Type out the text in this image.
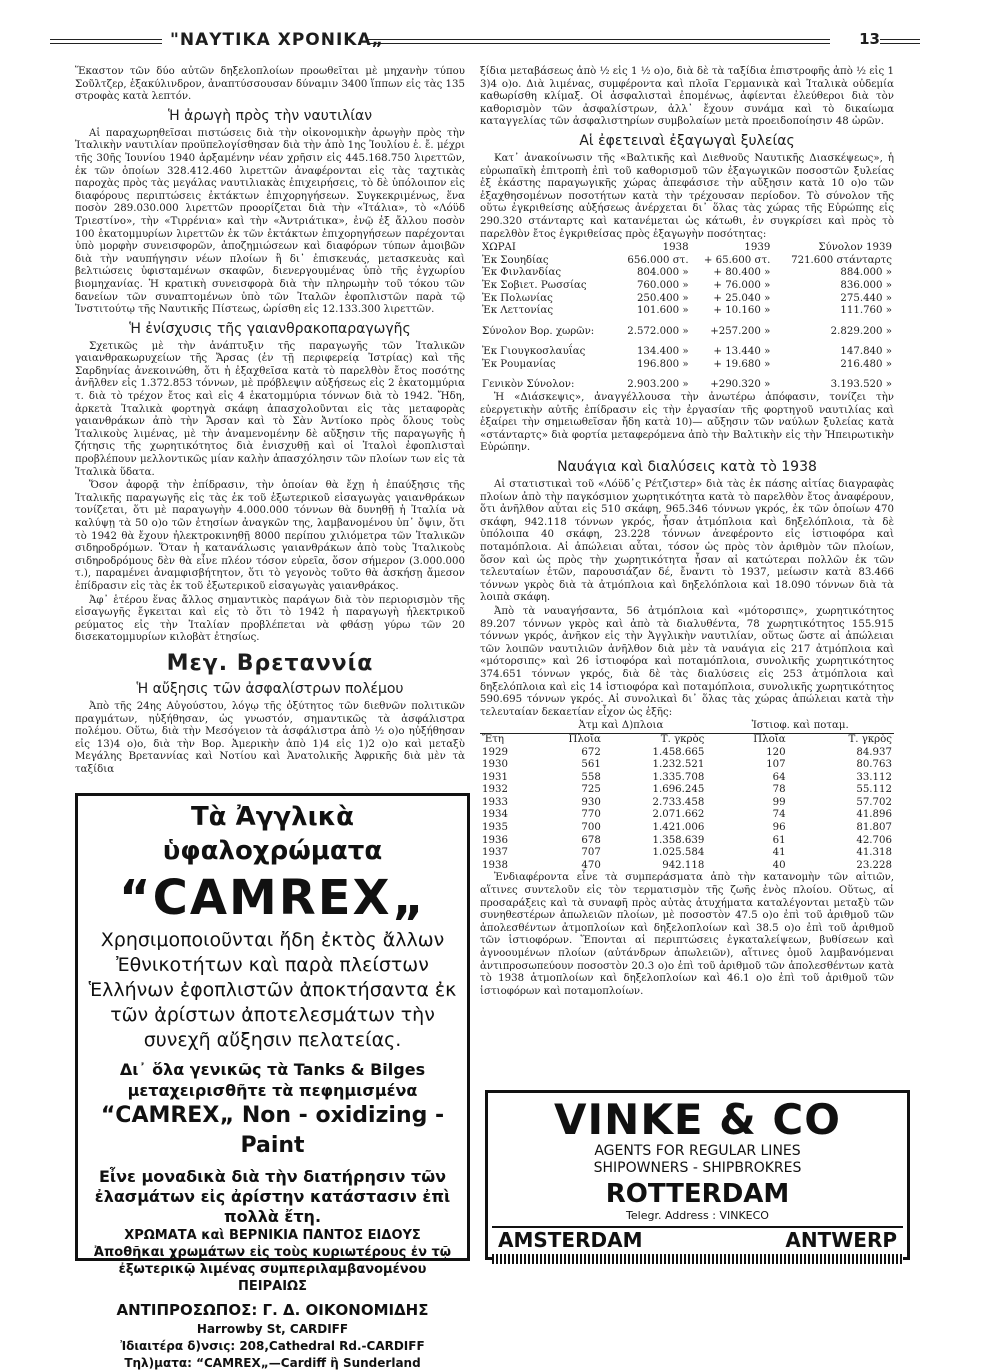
"ΝΑΥΤΙΚΑ ΧΡΟΝΙΚΑ„	13

Ἕκαστον τῶν δύο αὐτῶν δηξελοπλοίων προωθεῖται μὲ μηχανὴν τύπου Σοῦλτζερ, ἑξακύλινδρον, ἀναπτύσσουσαν δύναμιν 3400 ἵππων εἰς τὰς 135 στροφὰς κατὰ λεπτόν.

Ἡ ἀρωγὴ πρὸς τὴν ναυτιλίαν

Αἱ παραχωρηθεῖσαι πιστώσεις διὰ τὴν οἰκονομικὴν ἀρωγὴν πρὸς τὴν Ἰταλικὴν ναυτιλίαν προϋπελογίσθησαν διὰ τὴν ἀπὸ 1ης Ἰουλίου ἑ. ἔ. μέχρι τῆς 30ῆς Ἰουνίου 1940 ἀρξαμένην νέαν χρῆσιν εἰς 445.168.750 λιρεττῶν, ἐκ τῶν ὁποίων 328.412.460 λιρεττῶν ἀναφέρονται εἰς τὰς ταχτικὰς παροχὰς πρὸς τὰς μεγάλας ναυτιλιακὰς ἐπιχειρήσεις, τὸ δὲ ὑπόλοιπον εἰς διαφόρους περιπτώσεις ἐκτάκτων ἐπιχορηγήσεων. Συγκεκριμένως, ἕνα ποσὸν 289.030.000 λιρεττῶν προορίζεται διὰ τὴν «Ἰτάλια», τὸ «Λόϋδ Τριεστίνο», τὴν «Τιρρένια» καὶ τὴν «Ἀντριάτικα», ἐνῷ ἐξ ἄλλου ποσὸν 100 ἑκατομμυρίων λιρεττῶν ἐκ τῶν ἐκτάκτων ἐπιχορηγήσεων παρέχονται ὑπὸ μορφὴν συνεισφορῶν, ἀποζημιώσεων καὶ διαφόρων τύπων ἀμοιβῶν διὰ τὴν ναυπήγησιν νέων πλοίων ἢ δι᾽ ἐπισκευάς, μετασκευὰς καὶ βελτιώσεις ὑφισταμένων σκαφῶν, διενεργουμένας ὑπὸ τῆς ἐγχωρίου βιομηχανίας. Ἡ κρατικὴ συνεισφορὰ διὰ τὴν πληρωμὴν τοῦ τόκου τῶν δανείων τῶν συναπτομένων ὑπὸ τῶν Ἰταλῶν ἐφοπλιστῶν παρὰ τῷ Ἰνστιτούτῳ τῆς Ναυτικῆς Πίστεως, ὡρίσθη εἰς 12.133.300 λιρεττῶν.

Ἡ ἐνίσχυσις τῆς γαιανθρακοπαραγωγῆς

Σχετικῶς μὲ τὴν ἀνάπτυξιν τῆς παραγωγῆς τῶν Ἰταλικῶν γαιανθρακωρυχείων τῆς Ἄρσας (ἐν τῇ περιφερείᾳ Ἰστρίας) καὶ τῆς Σαρδηνίας ἀνεκοινώθη, ὅτι ἡ ἐξαχθεῖσα κατὰ τὸ παρελθὸν ἔτος ποσότης ἀνῆλθεν εἰς 1.372.853 τόννων, μὲ πρόβλεψιν αὐξήσεως εἰς 2 ἑκατομμύρια τ. διὰ τὸ τρέχον ἔτος καὶ εἰς 4 ἑκατομμύρια τόννων διὰ τὸ 1942. Ἤδη, ἀρκετὰ Ἰταλικὰ φορτηγὰ σκάφη ἀπασχολοῦνται εἰς τὰς μεταφορὰς γαιανθράκων ἀπὸ τὴν Ἄρσαν καὶ τὸ Σὰν Ἀντίοκο πρὸς ὅλους τοὺς Ἰταλικοὺς λιμένας, μὲ τὴν ἀναμενομένην δὲ αὔξησιν τῆς παραγωγῆς ἡ ζήτησις τῆς χωρητικότητος διὰ ἐνισχυθῇ καὶ οἱ Ἰταλοὶ ἐφοπλισταὶ προβλέπουν μελλοντικῶς μίαν καλὴν ἀπασχόλησιν τῶν πλοίων των εἰς τὰ Ἰταλικὰ ὕδατα.

Ὅσον ἀφορᾷ τὴν ἐπίδρασιν, τὴν ὁποίαν θὰ ἔχῃ ἡ ἐπαύξησις τῆς Ἰταλικῆς παραγωγῆς εἰς τὰς ἐκ τοῦ ἐξωτερικοῦ εἰσαγωγὰς γαιανθράκων τονίζεται, ὅτι μὲ παραγωγὴν 4.000.000 τόννων θὰ δυνηθῇ ἡ Ἰταλία νὰ καλύψῃ τὰ 50 ο)ο τῶν ἐτησίων ἀναγκῶν της, λαμβανομένου ὑπ᾽ ὄψιν, ὅτι τὸ 1942 θὰ ἔχουν ἠλεκτροκινηθῇ 8000 περίπου χιλιόμετρα τῶν Ἰταλικῶν σιδηροδρόμων. Ὅταν ἡ κατανάλωσις γαιανθράκων ἀπὸ τοὺς Ἰταλικοὺς σιδηροδρόμους δὲν θὰ εἶνε πλέον τόσον εὐρεῖα, ὅσον σήμερον (3.000.000 τ.), παραμένει ἀναμφισβήτητον, ὅτι τὸ γεγονὸς τοῦτο θὰ ἀσκήσῃ ἄμεσον ἐπίδρασιν εἰς τὰς ἐκ τοῦ ἐξωτερικοῦ εἰσαγωγὰς γαιανθράκος.

Ἀφ᾽ ἑτέρου ἕνας ἄλλος σημαντικὸς παράγων διὰ τὸν περιορισμὸν τῆς εἰσαγωγῆς ἔγκειται καὶ εἰς τὸ ὅτι τὸ 1942 ἡ παραγωγὴ ἠλεκτρικοῦ ρεύματος εἰς τὴν Ἰταλίαν προβλέπεται νὰ φθάσῃ γύρω τῶν 20 δισεκατομμυρίων κιλοβὰτ ἐτησίως.

Μεγ. Βρεταννία
Ἡ αὔξησις τῶν ἀσφαλίστρων πολέμου

Ἀπὸ τῆς 24ης Αὐγούστου, λόγῳ τῆς ὀξύτητος τῶν διεθνῶν πολιτικῶν πραγμάτων, ηὐξήθησαν, ὡς γνωστόν, σημαντικῶς τὰ ἀσφάλιστρα πολέμου. Οὕτω, διὰ τὴν Μεσόγειον τὰ ἀσφάλιστρα ἀπὸ ½ ο)ο ηὐξήθησαν εἰς 13)4 ο)ο, διὰ τὴν Βορ. Ἀμερικὴν ἀπὸ 1)4 εἰς 1)2 ο)ο καὶ μεταξὺ Μεγάλης Βρεταννίας καὶ Νοτίου καὶ Ἀνατολικῆς Ἀφρικῆς διὰ μὲν τὰ ταξίδια

Τὰ Ἀγγλικὰ ὑφαλοχρώματα
“CAMREX„
Χρησιμοποιοῦνται ἤδη ἐκτὸς ἄλλων Ἐθνικοτήτων καὶ παρὰ πλείστων Ἑλλήνων ἐφοπλιστῶν ἀποκτήσαντα ἐκ τῶν ἀρίστων ἀποτελεσμάτων τὴν συνεχῆ αὔξησιν πελατείας.
Δι᾽ ὅλα γενικῶς τὰ Tanks & Bilges μεταχειρισθῆτε τὰ πεφημισμένα
“CAMREX„ Non - oxidizing - Paint
Εἶνε μοναδικὰ διὰ τὴν διατήρησιν τῶν ἐλασμάτων εἰς ἀρίστην κατάστασιν ἐπὶ πολλὰ ἔτη.
ΧΡΩΜΑΤΑ καὶ ΒΕΡΝΙΚΙΑ ΠΑΝΤΟΣ ΕΙΔΟΥΣ
Ἀποθῆκαι χρωμάτων εἰς τοὺς κυριωτέρους ἐν τῷ ἐξωτερικῷ λιμένας συμπεριλαμβανομένου ΠΕΙΡΑΙΩΣ
ΑΝΤΙΠΡΟΣΩΠΟΣ: Γ. Δ. ΟΙΚΟΝΟΜΙΔΗΣ
Harrowby St, CARDIFF
Ἰδιαιτέρα δ)νσις: 208,Cathedral Rd.-CARDIFF
Τηλ)ματα: “CAMREX„—Cardiff ἢ Sunderland

ξίδια μεταβάσεως ἀπὸ ½ εἰς 1 ½ ο)ο, διὰ δὲ τὰ ταξίδια ἐπιστροφῆς ἀπὸ ½ εἰς 1 3)4 ο)ο. Διὰ λιμένας, συμφέροντα καὶ πλοῖα Γερμανικὰ καὶ Ἰταλικὰ οὐδεμία καθωρίσθη κλίμαξ. Οἱ ἀσφαλισταὶ ἐπομένως, ἀφίενται ἐλεύθεροι διὰ τὸν καθορισμὸν τῶν ἀσφαλίστρων, ἀλλ᾽ ἔχουν συνάμα καὶ τὸ δικαίωμα καταγγελίας τῶν ἀσφαλιστηρίων συμβολαίων μετὰ προειδοποίησιν 48 ὡρῶν.

Αἱ ἐφετειναὶ ἐξαγωγαὶ ξυλείας

Κατ᾽ ἀνακοίνωσιν τῆς «Βαλτικῆς καὶ Διεθνοῦς Ναυτικῆς Διασκέψεως», ἡ εὐρωπαϊκὴ ἐπιτροπὴ ἐπὶ τοῦ καθορισμοῦ τῶν ἐξαγωγικῶν ποσοστῶν ξυλείας ἐξ ἑκάστης παραγωγικῆς χώρας ἀπεφάσισε τὴν αὔξησιν κατὰ 10 ο)ο τῶν ἐξαχθησομένων ποσοτήτων κατὰ τὴν τρέχουσαν περίοδον. Τὸ σύνολον τῆς οὕτω ἐγκριθείσης αὐξήσεως ἀνέρχεται δι᾽ ὅλας τὰς χώρας τῆς Εὐρώπης εἰς 290.320 στάνταρτς καὶ κατανέμεται ὡς κάτωθι, ἐν συγκρίσει καὶ πρὸς τὸ παρελθὸν ἔτος ἐγκριθείσας πρὸς ἐξαγωγὴν ποσότητας:

ΧΩΡΑΙ	1938	1939	Σύνολον 1939
Ἐκ Σουηδίας	656.000 στ.	+ 65.600 στ.	721.600 στάνταρτς
Ἐκ Φινλανδίας	804.000 »	+ 80.400 »	884.000 »
Ἐκ Σοβιετ. Ρωσσίας	760.000 »	+ 76.000 »	836.000 »
Ἐκ Πολωνίας	250.400 »	+ 25.040 »	275.440 »
Ἐκ Λεττονίας	101.600 »	+ 10.160 »	111.760 »

Σύνολον Βορ. χωρῶν:	2.572.000 »	+257.200 »	2.829.200 »

Ἐκ Γιουγκοσλαυΐας	134.400 »	+ 13.440 »	147.840 »
Ἐκ Ρουμανίας	196.800 »	+ 19.680 »	216.480 »

Γενικὸν Σύνολον:	2.903.200 »	+290.320 »	3.193.520 »

Ἡ «Διάσκεψις», ἀναγγέλλουσα τὴν ἀνωτέρω ἀπόφασιν, τονίζει τὴν εὐεργετικὴν αὐτῆς ἐπίδρασιν εἰς τὴν ἐργασίαν τῆς φορτηγοῦ ναυτιλίας καὶ ἐξαίρει τὴν σημειωθεῖσαν ἤδη κατὰ 10)— αὔξησιν τῶν ναύλων ξυλείας κατὰ «στάνταρτς» διὰ φορτία μεταφερόμενα ἀπὸ τὴν Βαλτικὴν εἰς τὴν Ἠπειρωτικὴν Εὐρώπην.

Ναυάγια καὶ διαλύσεις κατὰ τὸ 1938

Αἱ στατιστικαὶ τοῦ «Λόϋδ᾽ς Ρέτζιστερ» διὰ τὰς ἐκ πάσης αἰτίας διαγραφὰς πλοίων ἀπὸ τὴν παγκόσμιον χωρητικότητα κατὰ τὸ παρελθὸν ἔτος ἀναφέρουν, ὅτι ἀνῆλθον αὗται εἰς 510 σκάφη, 965.346 τόννων γκρός, ἐκ τῶν ὁποίων 470 σκάφη, 942.118 τόννων γκρός, ἦσαν ἀτμόπλοια καὶ δηξελόπλοια, τὰ δὲ ὑπόλοιπα 40 σκάφη, 23.228 τόννων ἀνεφέροντο εἰς ἱστιοφόρα καὶ ποταμόπλοια. Αἱ ἀπώλειαι αὗται, τόσον ὡς πρὸς τὸν ἀριθμὸν τῶν πλοίων, ὅσον καὶ ὡς πρὸς τὴν χωρητικότητα ἦσαν αἱ κατώτεραι πολλῶν ἐκ τῶν τελευταίων ἐτῶν, παρουσιάζαν δέ, ἔναντι τὸ 1937, μείωσιν κατὰ 83.466 τόννων γκρὸς διὰ τὰ ἀτμόπλοια καὶ δηξελόπλοια καὶ 18.090 τόννων διὰ τὰ λοιπὰ σκάφη.

Ἀπὸ τὰ ναυαγήσαντα, 56 ἀτμόπλοια καὶ «μότορσιπς», χωρητικότητος 89.207 τόννων γκρὸς καὶ ἀπὸ τὰ διαλυθέντα, 78 χωρητικότητος 155.915 τόννων γκρός, ἀνῆκον εἰς τὴν Ἀγγλικὴν ναυτιλίαν, οὕτως ὥστε αἱ ἀπώλειαι τῶν λοιπῶν ναυτιλιῶν ἀνῆλθον διὰ μὲν τὰ ναυάγια εἰς 217 ἀτμόπλοια καὶ «μότορσιπς» καὶ 26 ἱστιοφόρα καὶ ποταμόπλοια, συνολικῆς χωρητικότητος 374.651 τόννων γκρός, διὰ δὲ τὰς διαλύσεις εἰς 253 ἀτμόπλοια καὶ δηξελόπλοια καὶ εἰς 14 ἱστιοφόρα καὶ ποταμόπλοια, συνολικῆς χωρητικότητος 590.695 τόννων γκρός. Αἱ συνολικαὶ δι᾽ ὅλας τὰς χώρας ἀπώλειαι κατὰ τὴν τελευταίαν δεκαετίαν εἶχον ὡς ἑξῆς:

	Ἀτμ καὶ Δ)πλοια		Ἱστιοφ. καὶ ποταμ.	
Ἔτη	Πλοῖα	Τ. γκρὸς	Πλοῖα	Τ. γκρὸς
1929	672	1.458.665	120	84.937
1930	561	1.232.521	107	80.763
1931	558	1.335.708	64	33.112
1932	725	1.696.245	78	55.112
1933	930	2.733.458	99	57.702
1934	770	2.071.662	74	41.896
1935	700	1.421.006	96	81.807
1936	678	1.358.639	61	42.706
1937	707	1.025.584	41	41.318
1938	470	942.118	40	23.228

Ἐνδιαφέροντα εἶνε τὰ συμπεράσματα ἀπὸ τὴν κατανομὴν τῶν αἰτιῶν, αἵτινες συντελοῦν εἰς τὸν τερματισμὸν τῆς ζωῆς ἑνὸς πλοίου. Οὕτως, αἱ προσαράξεις καὶ τὰ συναφῆ πρὸς αὐτὰς ἀτυχήματα καταλέγονται μεταξὺ τῶν συνηθεστέρων ἀπωλειῶν πλοίων, μὲ ποσοστὸν 47.5 ο)ο ἐπὶ τοῦ ἀριθμοῦ τῶν ἀπολεσθέντων ἀτμοπλοίων καὶ δηξελοπλοίων καὶ 38.5 ο)ο ἐπὶ τοῦ ἀριθμοῦ τῶν ἱστιοφόρων. Ἕπονται αἱ περιπτώσεις ἐγκαταλείψεων, βυθίσεων καὶ ἀγνοουμένων πλοίων (αὐτάνδρων ἀπωλειῶν), αἵτινες ὁμοῦ λαμβανόμεναι ἀντιπροσωπεύουν ποσοστὸν 20.3 ο)ο ἐπὶ τοῦ ἀριθμοῦ τῶν ἀπολεσθέντων κατὰ τὸ 1938 ἀτμοπλοίων καὶ δηξελοπλοίων καὶ 46.1 ο)ο ἐπὶ τοῦ ἀριθμοῦ τῶν ἱστιοφόρων καὶ ποταμοπλοίων.

VINKE & CO
AGENTS FOR REGULAR LINES
SHIPOWNERS - SHIPBROKRES
ROTTERDAM
Telegr. Address : VINKECO
AMSTERDAM	ANTWERP
